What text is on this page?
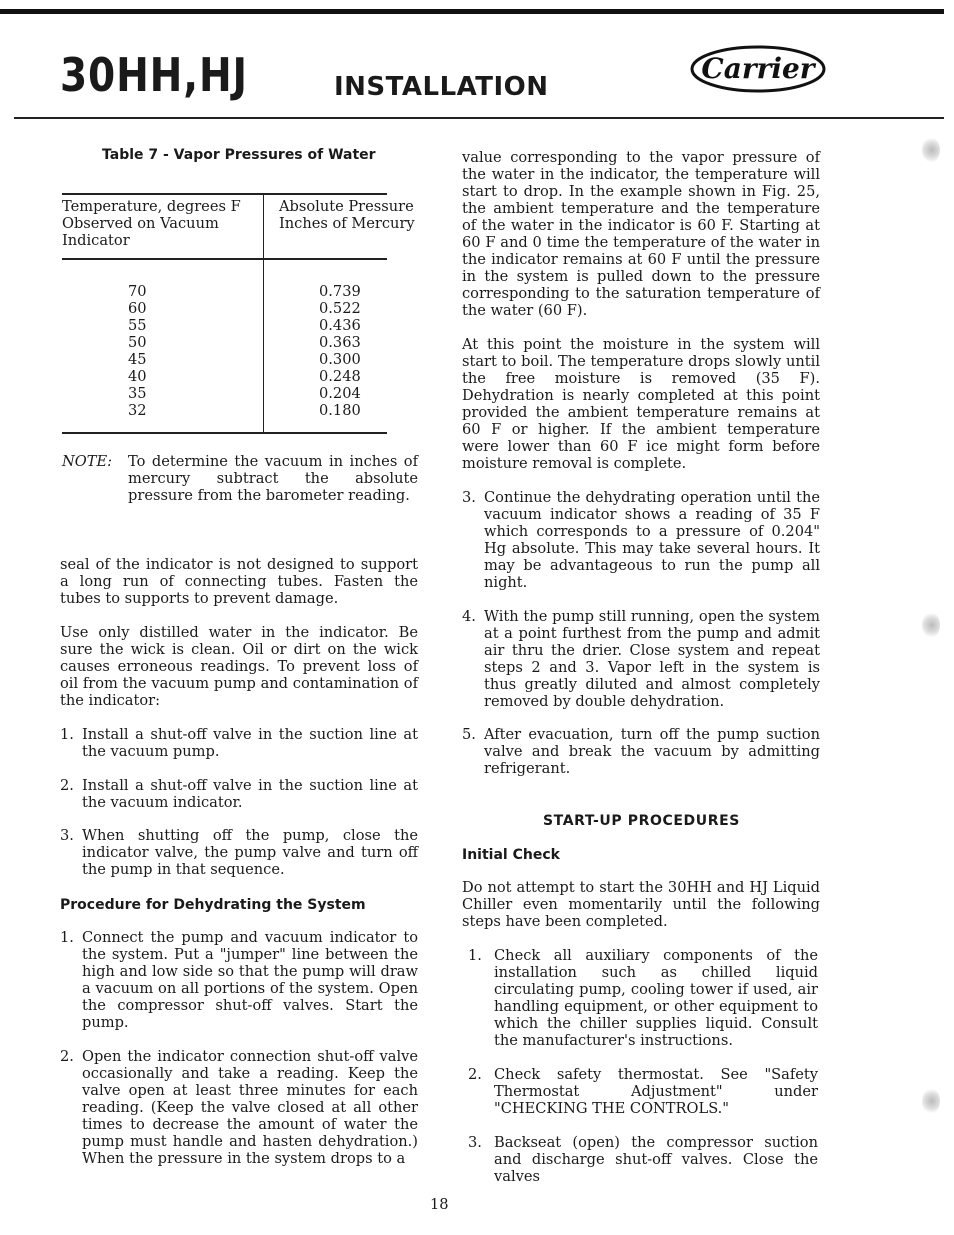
30HH,HJ	INSTALLATION
Carrier
Table 7 - Vapor Pressures of Water
Temperature, degrees F
Observed on Vacuum
Indicator
Absolute Pressure
Inches of Mercury
70
60
55
50
45
40
35
32
0.739
0.522
0.436
0.363
0.300
0.248
0.204
0.180
NOTE:	To determine the vacuum in inches of mercury subtract the absolute pressure from the barometer reading.

seal of the indicator is not designed to support a long run of connecting tubes. Fasten the tubes to supports to prevent damage.

Use only distilled water in the indicator. Be sure the wick is clean. Oil or dirt on the wick causes erroneous readings. To prevent loss of oil from the vacuum pump and contamination of the indicator:

1. Install a shut-off valve in the suction line at the vacuum pump.

2. Install a shut-off valve in the suction line at the vacuum indicator.

3. When shutting off the pump, close the indicator valve, the pump valve and turn off the pump in that sequence.

Procedure for Dehydrating the System
1. Connect the pump and vacuum indicator to the system. Put a "jumper" line between the high and low side so that the pump will draw a vacuum on all portions of the system. Open the compressor shut-off valves. Start the pump.

2. Open the indicator connection shut-off valve occasionally and take a reading. Keep the valve open at least three minutes for each reading. (Keep the valve closed at all other times to decrease the amount of water the pump must handle and hasten dehydration.) When the pressure in the system drops to a

value corresponding to the vapor pressure of the water in the indicator, the temperature will start to drop. In the example shown in Fig. 25, the ambient temperature and the temperature of the water in the indicator is 60 F. Starting at 60 F and 0 time the temperature of the water in the indicator remains at 60 F until the pressure in the system is pulled down to the pressure corresponding to the saturation temperature of the water (60 F).

At this point the moisture in the system will start to boil. The temperature drops slowly until the free moisture is removed (35 F). Dehydration is nearly completed at this point provided the ambient temperature remains at 60 F or higher. If the ambient temperature were lower than 60 F ice might form before moisture removal is complete.

3. Continue the dehydrating operation until the vacuum indicator shows a reading of 35 F which corresponds to a pressure of 0.204" Hg absolute. This may take several hours. It may be advantageous to run the pump all night.

4. With the pump still running, open the system at a point furthest from the pump and admit air thru the drier. Close system and repeat steps 2 and 3. Vapor left in the system is thus greatly diluted and almost completely removed by double dehydration.

5. After evacuation, turn off the pump suction valve and break the vacuum by admitting refrigerant.

START-UP PROCEDURES
Initial Check

Do not attempt to start the 30HH and HJ Liquid Chiller even momentarily until the following steps have been completed.

1. Check all auxiliary components of the installation such as chilled liquid circulating pump, cooling tower if used, air handling equipment, or other equipment to which the chiller supplies liquid. Consult the manufacturer's instructions.

2. Check safety thermostat. See "Safety Thermostat Adjustment" under "CHECKING THE CONTROLS."

3. Backseat (open) the compressor suction and discharge shut-off valves. Close the valves

18
